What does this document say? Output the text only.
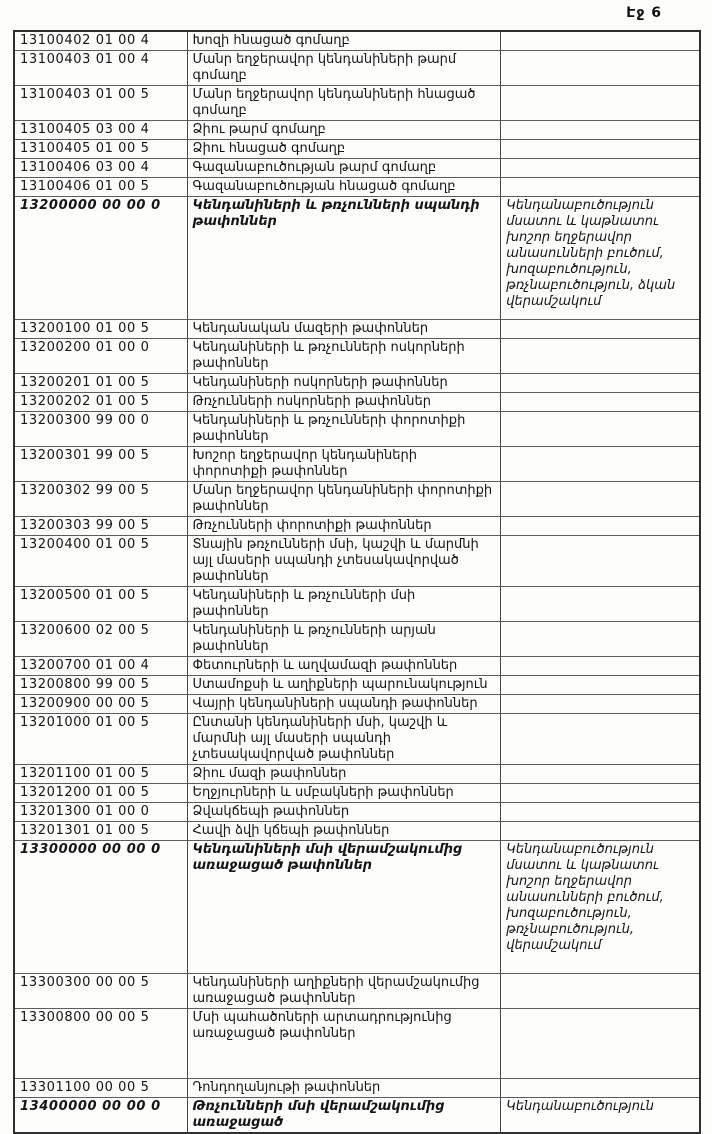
Էջ 6
13100402 01 00 4	Խոզի հնացած գոմաղբ	
13100403 01 00 4	Մանր եղջերավոր կենդանիների թարմ գոմաղբ	
13100403 01 00 5	Մանր եղջերավոր կենդանիների հնացած գոմաղբ	
13100405 03 00 4	Ձիու թարմ գոմաղբ	
13100405 01 00 5	Ձիու հնացած գոմաղբ	
13100406 03 00 4	Գազանաբուծության թարմ գոմաղբ	
13100406 01 00 5	Գազանաբուծության հնացած գոմաղբ	
13200000 00 00 0	Կենդանիների և թռչունների սպանդի թափոններ	Կենդանաբուծություն մսատու և կաթնատու խոշոր եղջերավոր անասունների բուծում, խոզաբուծություն, թռչնաբուծություն, ձկան վերամշակում
13200100 01 00 5	Կենդանական մազերի թափոններ	
13200200 01 00 0	Կենդանիների և թռչունների ոսկորների թափոններ	
13200201 01 00 5	Կենդանիների ոսկորների թափոններ	
13200202 01 00 5	Թռչունների ոսկորների թափոններ	
13200300 99 00 0	Կենդանիների և թռչունների փորոտիքի թափոններ	
13200301 99 00 5	Խոշոր եղջերավոր կենդանիների փորոտիքի թափոններ	
13200302 99 00 5	Մանր եղջերավոր կենդանիների փորոտիքի թափոններ	
13200303 99 00 5	Թռչունների փորոտիքի թափոններ	
13200400 01 00 5	Տնային թռչունների մսի, կաշվի և մարմնի այլ մասերի սպանդի չտեսակավորված թափոններ	
13200500 01 00 5	Կենդանիների և թռչունների մսի թափոններ	
13200600 02 00 5	Կենդանիների և թռչունների արյան թափոններ	
13200700 01 00 4	Փետուրների և աղվամազի թափոններ	
13200800 99 00 5	Ստամոքսի և աղիքների պարունակություն	
13200900 00 00 5	Վայրի կենդանիների սպանդի թափոններ	
13201000 01 00 5	Ընտանի կենդանիների մսի, կաշվի և մարմնի այլ մասերի սպանդի չտեսակավորված թափոններ	
13201100 01 00 5	Ձիու մազի թափոններ	
13201200 01 00 5	Եղջյուրների և սմբակների թափոններ	
13201300 01 00 0	Ձվակճեպի թափոններ	
13201301 01 00 5	Հավի ձվի կճեպի թափոններ	
13300000 00 00 0	Կենդանիների մսի վերամշակումից առաջացած թափոններ	Կենդանաբուծություն մսատու և կաթնատու խոշոր եղջերավոր անասունների բուծում, խոզաբուծություն, թռչնաբուծություն, վերամշակում
13300300 00 00 5	Կենդանիների աղիքների վերամշակումից առաջացած թափոններ	
13300800 00 00 5	Մսի պահածոների արտադրությունից առաջացած թափոններ	
13301100 00 00 5	Դոնդողանյութի թափոններ	
13400000 00 00 0	Թռչունների մսի վերամշակումից առաջացած	Կենդանաբուծություն
